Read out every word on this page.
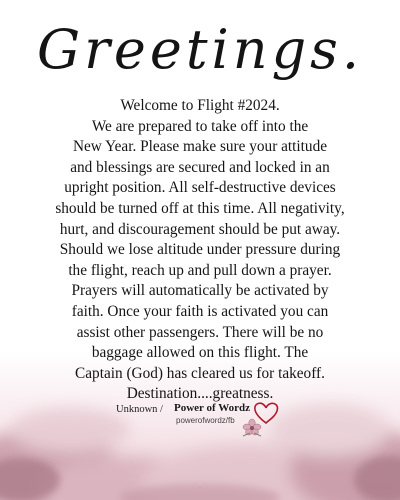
Greetings.
Welcome to Flight #2024.
We are prepared to take off into the
New Year. Please make sure your attitude
and blessings are secured and locked in an
upright position. All self-destructive devices
should be turned off at this time. All negativity,
hurt, and discouragement should be put away.
Should we lose altitude under pressure during
the flight, reach up and pull down a prayer.
Prayers will automatically be activated by
faith. Once your faith is activated you can
assist other passengers. There will be no
baggage allowed on this flight. The
Captain (God) has cleared us for takeoff.
Destination....greatness.
Unknown / Power of Wordz
powerofwordz/fb
